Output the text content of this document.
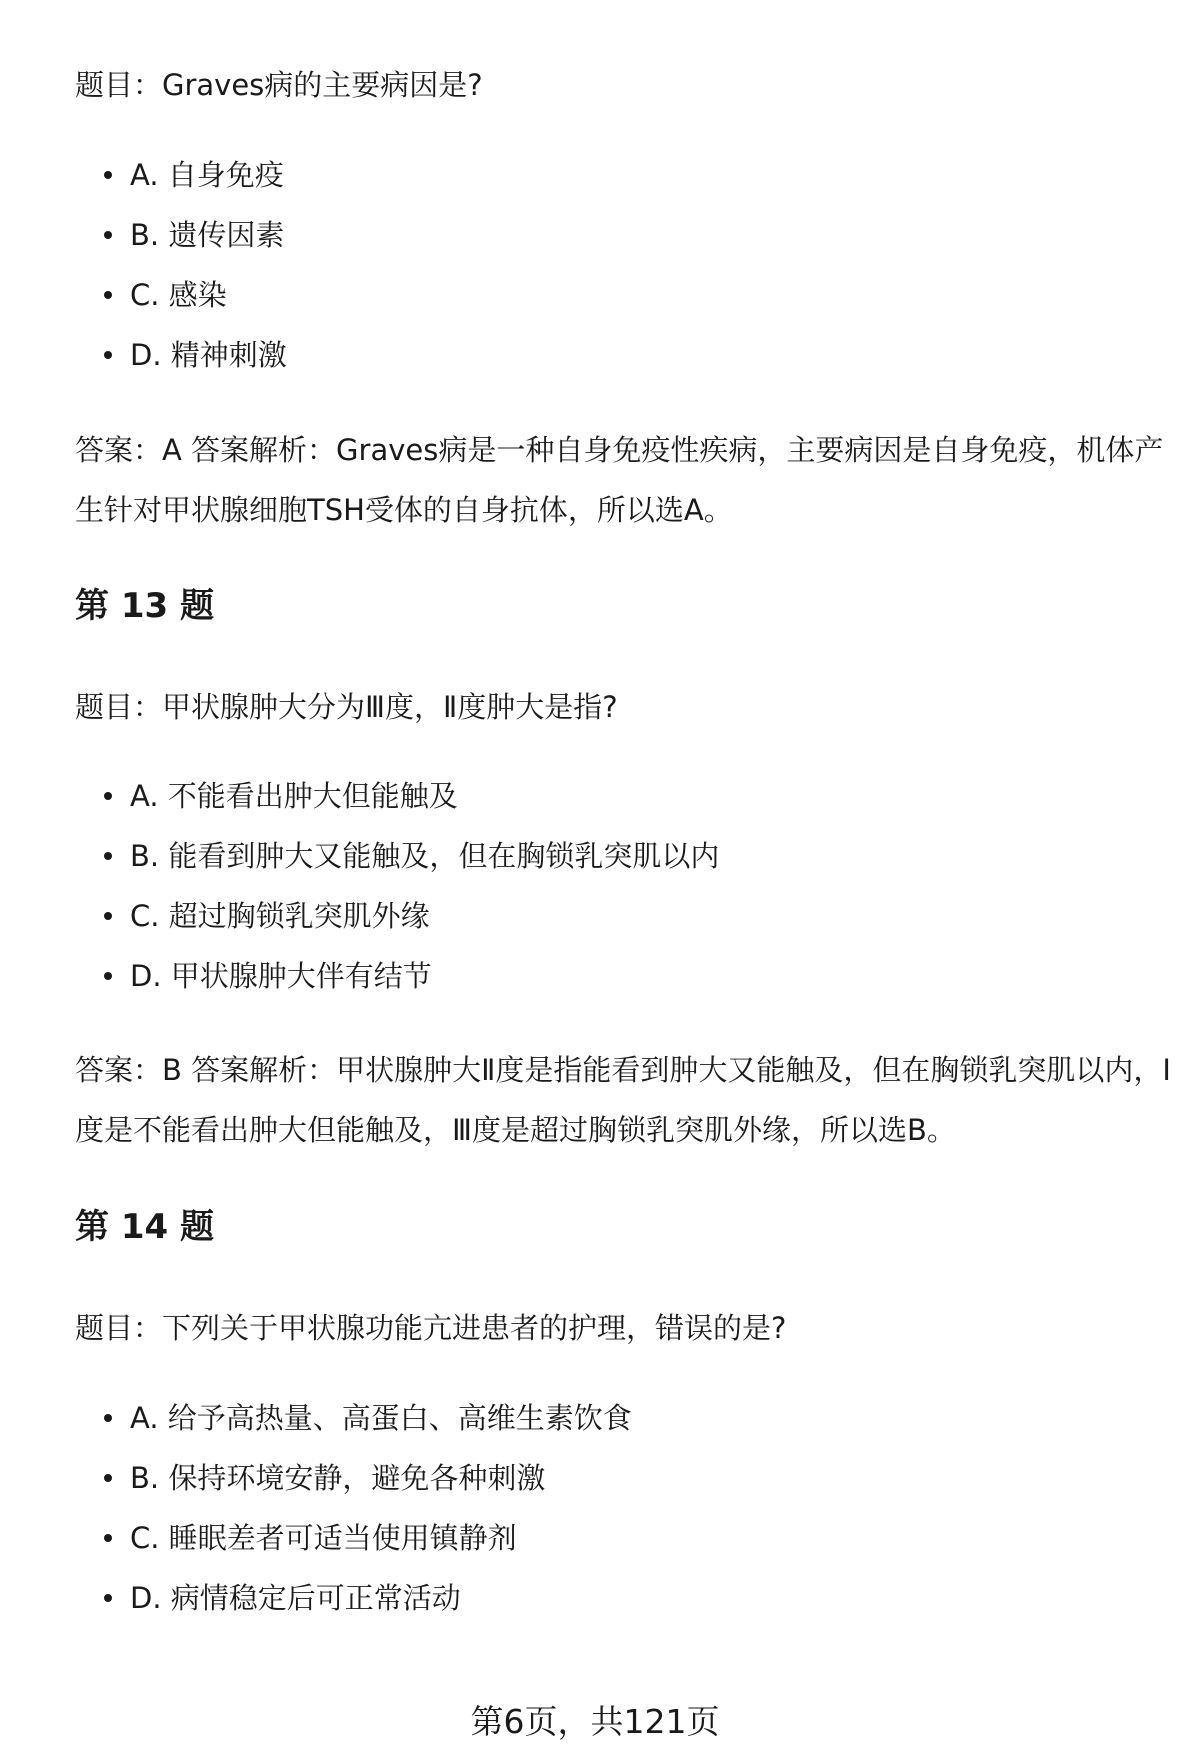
题目：Graves病的主要病因是?

A. 自身免疫
B. 遗传因素
C. 感染
D. 精神刺激

答案：A 答案解析：Graves病是一种自身免疫性疾病，主要病因是自身免疫，机体产生针对甲状腺细胞TSH受体的自身抗体，所以选A。

第 13 题

题目：甲状腺肿大分为Ⅲ度，Ⅱ度肿大是指?

A. 不能看出肿大但能触及
B. 能看到肿大又能触及，但在胸锁乳突肌以内
C. 超过胸锁乳突肌外缘
D. 甲状腺肿大伴有结节

答案：B 答案解析：甲状腺肿大Ⅱ度是指能看到肿大又能触及，但在胸锁乳突肌以内，Ⅰ度是不能看出肿大但能触及，Ⅲ度是超过胸锁乳突肌外缘，所以选B。

第 14 题

题目：下列关于甲状腺功能亢进患者的护理，错误的是?

A. 给予高热量、高蛋白、高维生素饮食
B. 保持环境安静，避免各种刺激
C. 睡眠差者可适当使用镇静剂
D. 病情稳定后可正常活动

第6页，共121页
